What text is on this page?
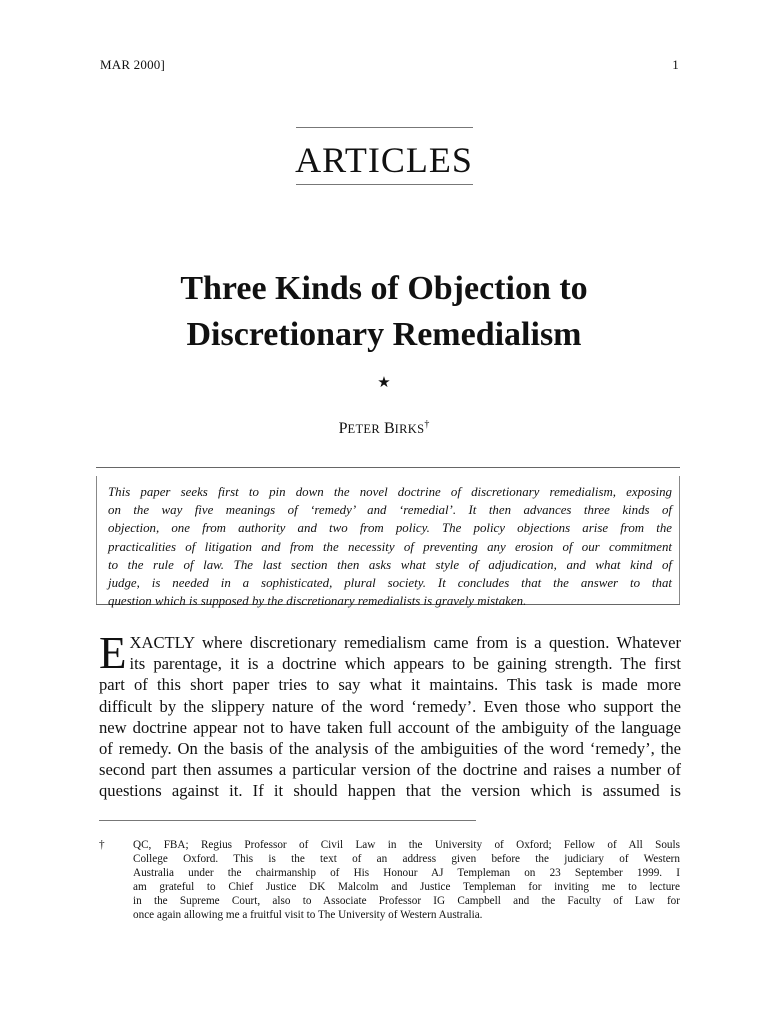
MAR 2000]	1
ARTICLES
Three Kinds of Objection to
Discretionary Remedialism
★
PETER BIRKS†
This paper seeks first to pin down the novel doctrine of discretionary remedialism, exposing
on the way five meanings of ‘remedy’ and ‘remedial’. It then advances three kinds of
objection, one from authority and two from policy. The policy objections arise from the
practicalities of litigation and from the necessity of preventing any erosion of our commitment
to the rule of law. The last section then asks what style of adjudication, and what kind of
judge, is needed in a sophisticated, plural society. It concludes that the answer to that
question which is supposed by the discretionary remedialists is gravely mistaken.
E XACTLY where discretionary remedialism came from is a question. Whatever
its parentage, it is a doctrine which appears to be gaining strength. The first
part of this short paper tries to say what it maintains. This task is made more
difficult by the slippery nature of the word ‘remedy’. Even those who support the
new doctrine appear not to have taken full account of the ambiguity of the language
of remedy. On the basis of the analysis of the ambiguities of the word ‘remedy’, the
second part then assumes a particular version of the doctrine and raises a number of
questions against it. If it should happen that the version which is assumed is
†	QC, FBA; Regius Professor of Civil Law in the University of Oxford; Fellow of All Souls
College Oxford. This is the text of an address given before the judiciary of Western
Australia under the chairmanship of His Honour AJ Templeman on 23 September 1999. I
am grateful to Chief Justice DK Malcolm and Justice Templeman for inviting me to lecture
in the Supreme Court, also to Associate Professor IG Campbell and the Faculty of Law for
once again allowing me a fruitful visit to The University of Western Australia.
